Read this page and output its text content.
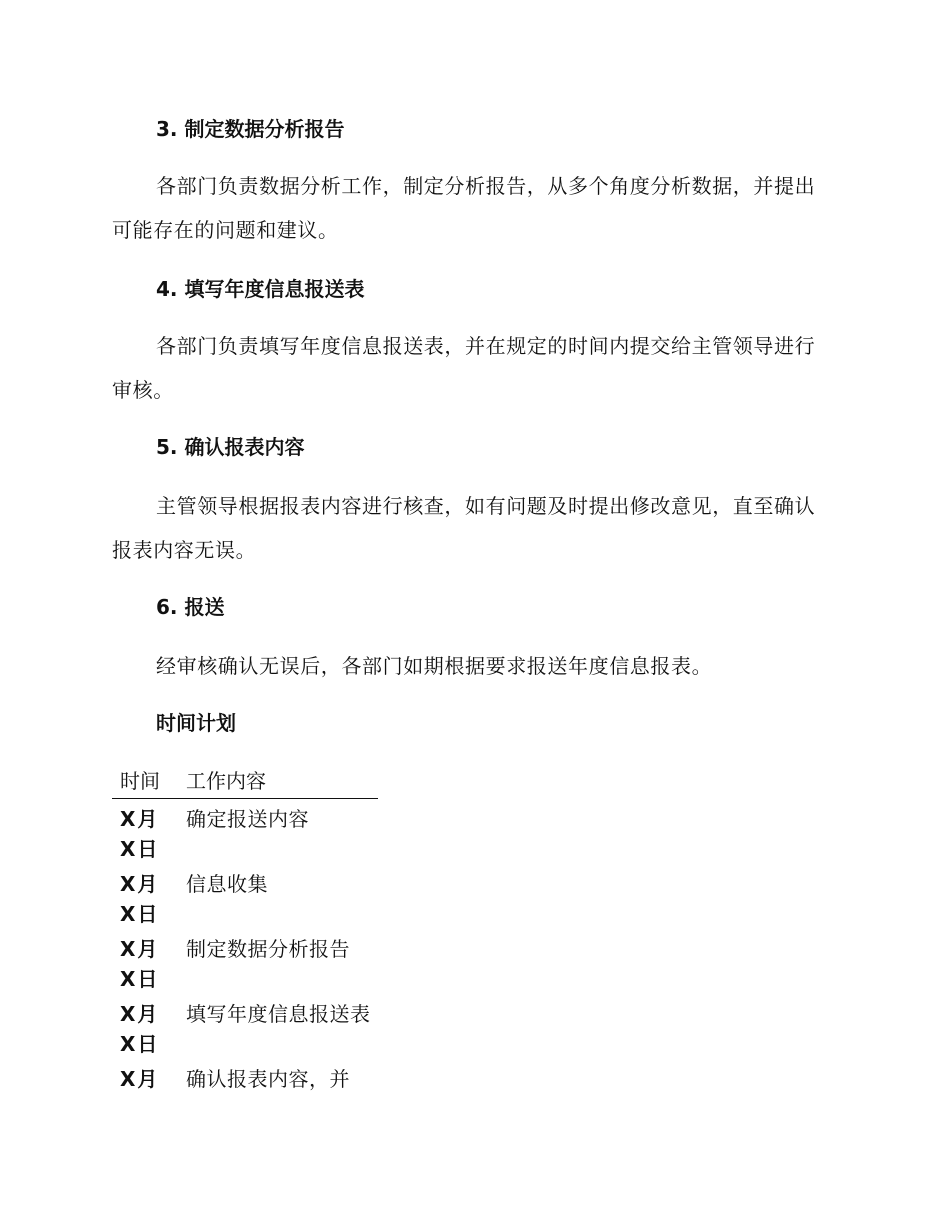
3. 制定数据分析报告

各部门负责数据分析工作，制定分析报告，从多个角度分析数据，并提出可能存在的问题和建议。

4. 填写年度信息报送表

各部门负责填写年度信息报送表，并在规定的时间内提交给主管领导进行审核。

5. 确认报表内容

主管领导根据报表内容进行核查，如有问题及时提出修改意见，直至确认报表内容无误。

6. 报送

经审核确认无误后，各部门如期根据要求报送年度信息报表。

时间计划
时间	工作内容
X月
X日
确定报送内容
X月
X日
信息收集
X月
X日
制定数据分析报告
X月
X日
填写年度信息报送表
X月	确认报表内容，并
